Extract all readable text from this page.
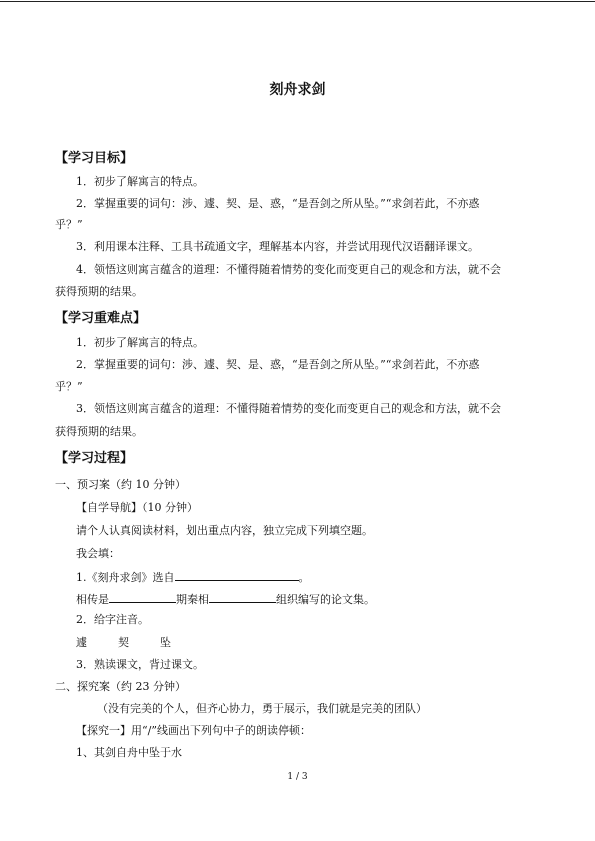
刻舟求剑
【学习目标】
1．初步了解寓言的特点。
2．掌握重要的词句：涉、遽、契、是、惑，“是吾剑之所从坠。”“求剑若此，不亦惑
乎？”
3．利用课本注释、工具书疏通文字，理解基本内容，并尝试用现代汉语翻译课文。
4．领悟这则寓言蕴含的道理：不懂得随着情势的变化而变更自己的观念和方法，就不会
获得预期的结果。
【学习重难点】
1．初步了解寓言的特点。
2．掌握重要的词句：涉、遽、契、是、惑，“是吾剑之所从坠。”“求剑若此，不亦惑
乎？”
3．领悟这则寓言蕴含的道理：不懂得随着情势的变化而变更自己的观念和方法，就不会
获得预期的结果。
【学习过程】
一、预习案（约 10 分钟）
【自学导航】（10 分钟）
请个人认真阅读材料，划出重点内容，独立完成下列填空题。
我会填：
1.《刻舟求剑》选自	。
相传是	期秦相	组织编写的论文集。
2．给字注音。
遽	契	坠
3．熟读课文，背过课文。
二、探究案（约 23 分钟）
（没有完美的个人，但齐心协力，勇于展示，我们就是完美的团队）
【探究一】用“/”线画出下列句中子的朗读停顿：
1、其剑自舟中坠于水
1 / 3
